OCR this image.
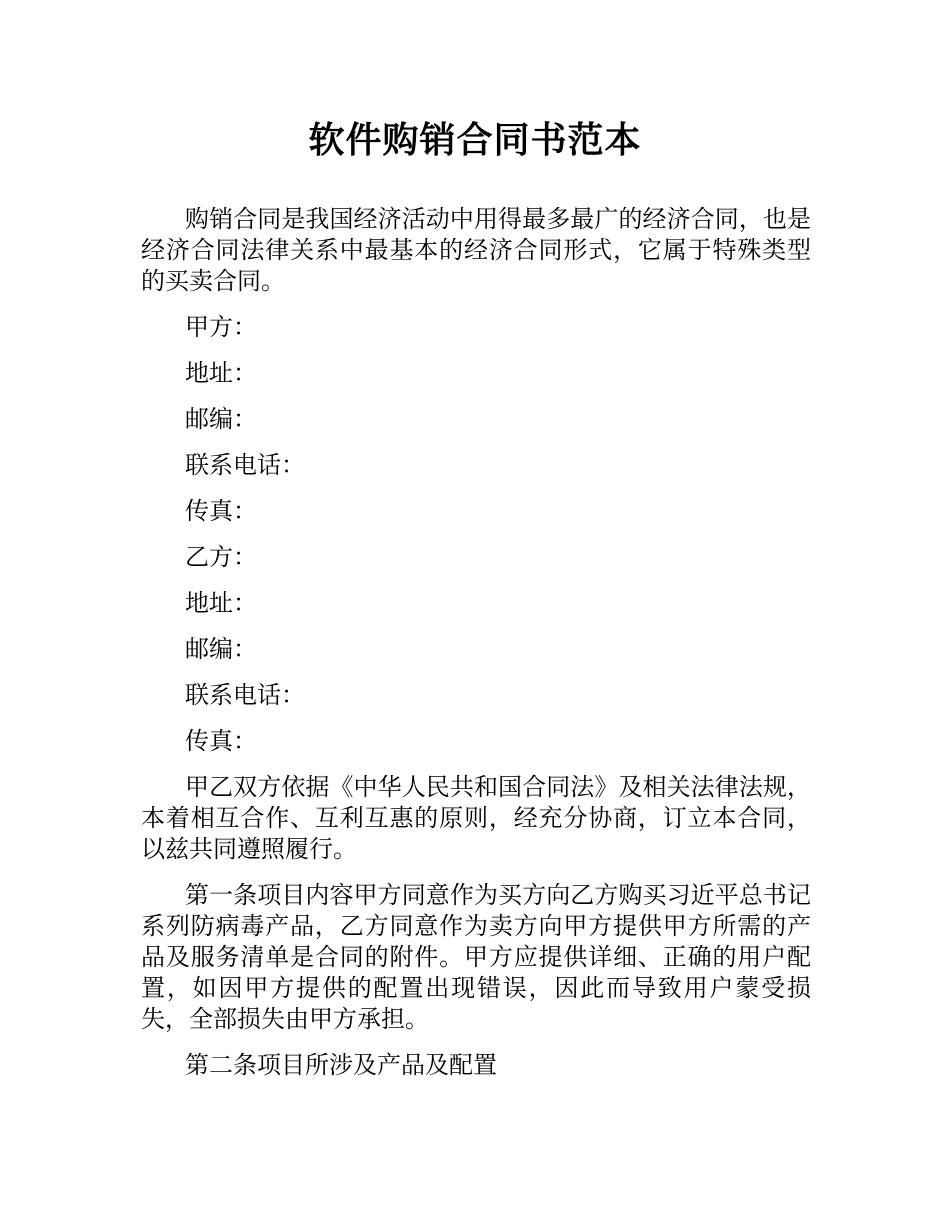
软件购销合同书范本

购销合同是我国经济活动中用得最多最广的经济合同，也是经济合同法律关系中最基本的经济合同形式，它属于特殊类型的买卖合同。

甲方：

地址：

邮编：

联系电话：

传真：

乙方：

地址：

邮编：

联系电话：

传真：

甲乙双方依据《中华人民共和国合同法》及相关法律法规，本着相互合作、互利互惠的原则，经充分协商，订立本合同，以兹共同遵照履行。

第一条项目内容甲方同意作为买方向乙方购买习近平总书记系列防病毒产品，乙方同意作为卖方向甲方提供甲方所需的产品及服务清单是合同的附件。甲方应提供详细、正确的用户配置，如因甲方提供的配置出现错误，因此而导致用户蒙受损失，全部损失由甲方承担。

第二条项目所涉及产品及配置
